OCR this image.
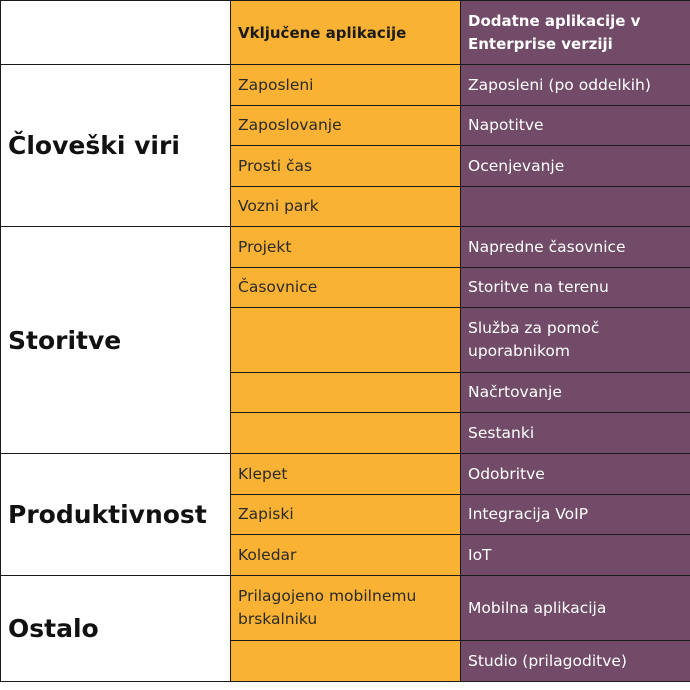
	Vključene aplikacije	Dodatne aplikacije v Enterprise verziji
Človeški viri	Zaposleni	Zaposleni (po oddelkih)
	Zaposlovanje	Napotitve
	Prosti čas	Ocenjevanje
	Vozni park	
Storitve	Projekt	Napredne časovnice
	Časovnice	Storitve na terenu
		Služba za pomoč uporabnikom
		Načrtovanje
		Sestanki
Produktivnost	Klepet	Odobritve
	Zapiski	Integracija VoIP
	Koledar	IoT
Ostalo	Prilagojeno mobilnemu brskalniku	Mobilna aplikacija
		Studio (prilagoditve)
